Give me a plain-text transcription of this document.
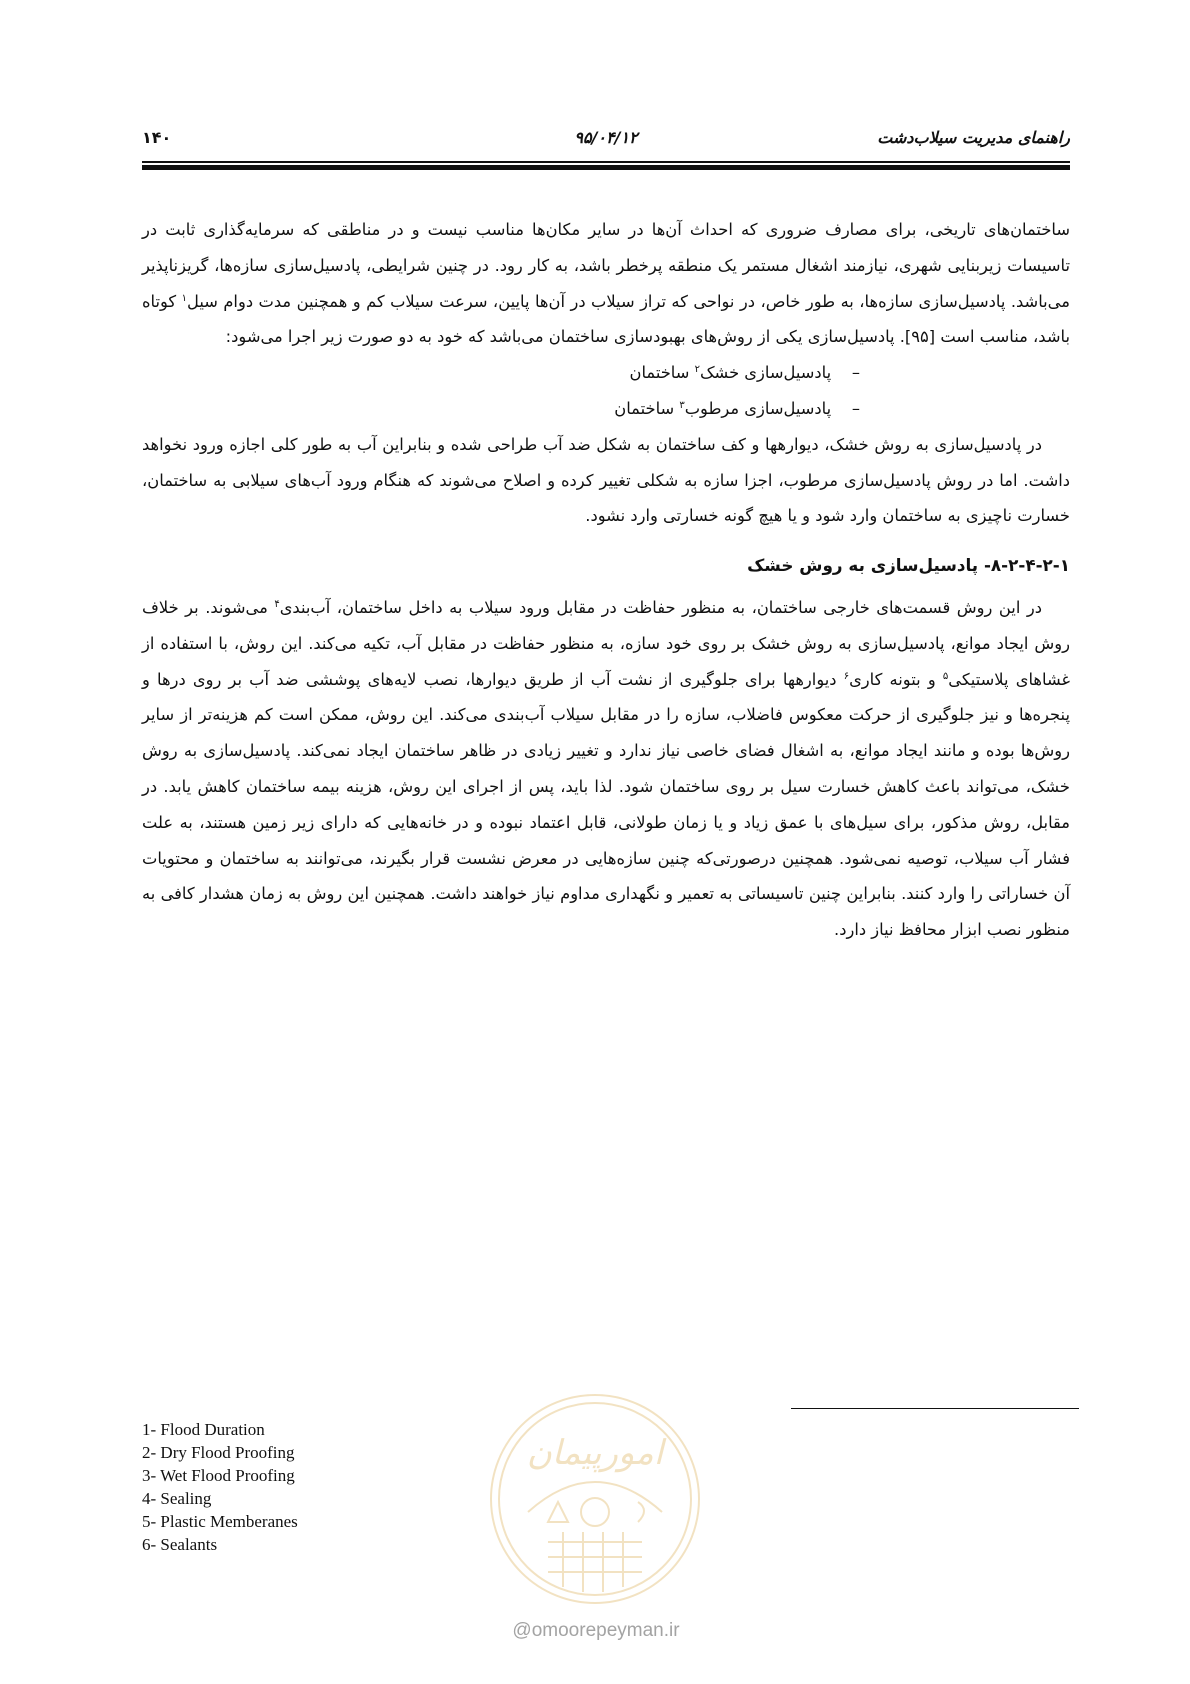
راهنمای مدیریت سیلاب‌دشت
۹۵/۰۴/۱۲
۱۴۰

ساختمان‌های تاریخی، برای مصارف ضروری که احداث آن‌ها در سایر مکان‌ها مناسب نیست و در مناطقی که سرمایه‌گذاری ثابت در تاسیسات زیربنایی شهری، نیازمند اشغال مستمر یک منطقه پرخطر باشد، به کار رود. در چنین شرایطی، پادسیل‌سازی سازه‌ها، گریزناپذیر می‌باشد. پادسیل‌سازی سازه‌ها، به طور خاص، در نواحی که تراز سیلاب در آن‌ها پایین، سرعت سیلاب کم و همچنین مدت دوام سیل$^۱$ کوتاه باشد، مناسب است [۹۵]. پادسیل‌سازی یکی از روش‌های بهبودسازی ساختمان می‌باشد که خود به دو صورت زیر اجرا می‌شود:

–    پادسیل‌سازی خشک$^۲$ ساختمان
–    پادسیل‌سازی مرطوب$^۳$ ساختمان

در پادسیل‌سازی به روش خشک، دیوارهها و کف ساختمان به شکل ضد آب طراحی شده و بنابراین آب به طور کلی اجازه ورود نخواهد داشت. اما در روش پادسیل‌سازی مرطوب، اجزا سازه به شکلی تغییر کرده و اصلاح می‌شوند که هنگام ورود آب‌های سیلابی به ساختمان، خسارت ناچیزی به ساختمان وارد شود و یا هیچ گونه خسارتی وارد نشود.

۸-۲-۴-۲-۱- پادسیل‌سازی به روش خشک

در این روش قسمت‌های خارجی ساختمان، به منظور حفاظت در مقابل ورود سیلاب به داخل ساختمان، آب‌بندی$^۴$ می‌شوند. بر خلاف روش ایجاد موانع، پادسیل‌سازی به روش خشک بر روی خود سازه، به منظور حفاظت در مقابل آب، تکیه می‌کند. این روش، با استفاده از غشاهای پلاستیکی$^۵$ و بتونه کاری$^۶$ دیوارهها برای جلوگیری از نشت آب از طریق دیوارها، نصب لایه‌های پوششی ضد آب بر روی درها و پنجره‌ها و نیز جلوگیری از حرکت معکوس فاضلاب، سازه را در مقابل سیلاب آب‌بندی می‌کند. این روش، ممکن است کم هزینه‌تر از سایر روش‌ها بوده و مانند ایجاد موانع، به اشغال فضای خاصی نیاز ندارد و تغییر زیادی در ظاهر ساختمان ایجاد نمی‌کند. پادسیل‌سازی به روش خشک، می‌تواند باعث کاهش خسارت سیل بر روی ساختمان شود. لذا باید، پس از اجرای این روش، هزینه بیمه ساختمان کاهش یابد. در مقابل، روش مذکور، برای سیل‌های با عمق زیاد و یا زمان طولانی، قابل اعتماد نبوده و در خانه‌هایی که دارای زیر زمین هستند، به علت فشار آب سیلاب، توصیه نمی‌شود. همچنین درصورتی‌که چنین سازه‌هایی در معرض نشست قرار بگیرند، می‌توانند به ساختمان و محتویات آن خساراتی را وارد کنند. بنابراین چنین تاسیساتی به تعمیر و نگهداری مداوم نیاز خواهند داشت. همچنین این روش به زمان هشدار کافی به منظور نصب ابزار محافظ نیاز دارد.

1- Flood Duration
2- Dry Flood Proofing
3- Wet Flood Proofing
4- Sealing
5- Plastic Memberanes
6- Sealants
امورپیمان
@omoorepeyman.ir
